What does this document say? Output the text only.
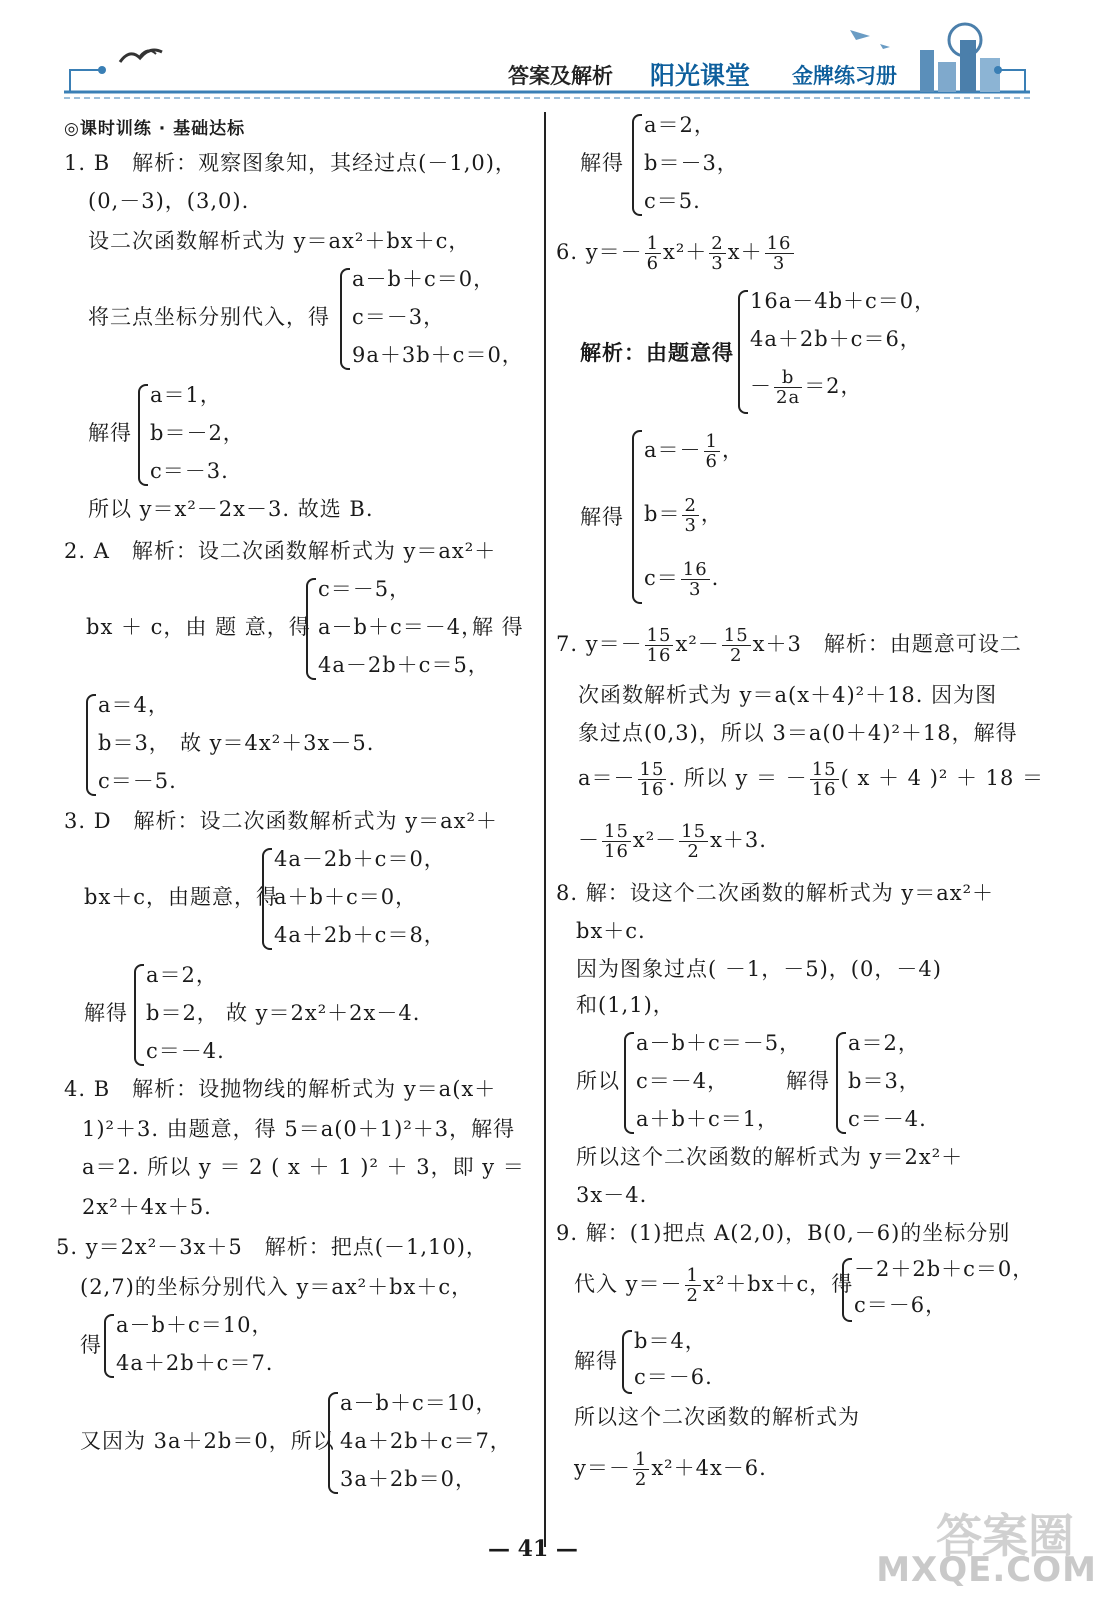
答案及解析 阳光课堂 金牌练习册
◎课时训练 · 基础达标
1. B　解析：观察图象知，其经过点(－1,0)，
(0,－3)，(3,0).
设二次函数解析式为 y＝ax²＋bx＋c，
将三点坐标分别代入，得
a－b＋c＝0，
c＝－3，
9a＋3b＋c＝0，
解得
a＝1，
b＝－2，
c＝－3.
所以 y＝x²－2x－3. 故选 B.
2. A　解析：设二次函数解析式为 y＝ax²＋
bx ＋ c，由 题 意，得
c＝－5，
a－b＋c＝－4，
4a－2b＋c＝5，
解 得
a＝4，
b＝3，
c＝－5.
故 y＝4x²＋3x－5.
3. D　解析：设二次函数解析式为 y＝ax²＋
bx＋c，由题意，得
4a－2b＋c＝0，
a＋b＋c＝0，
4a＋2b＋c＝8，
解得
a＝2，
b＝2，
c＝－4.
故 y＝2x²＋2x－4.
4. B　解析：设抛物线的解析式为 y＝a(x＋
1)²＋3. 由题意，得 5＝a(0＋1)²＋3，解得
a＝2. 所以 y ＝ 2 ( x ＋ 1 )² ＋ 3，即 y ＝
2x²＋4x＋5.
5. y＝2x²－3x＋5　解析：把点(－1,10)，
(2,7)的坐标分别代入 y＝ax²＋bx＋c，
得
a－b＋c＝10，
4a＋2b＋c＝7.
又因为 3a＋2b＝0，所以
a－b＋c＝10，
4a＋2b＋c＝7，
3a＋2b＝0，
解得
a＝2，
b＝－3，
c＝5.
6. $y=- \frac{1}{6} x^2+ \frac{2}{3} x+ \frac{16}{3}$
解析：由题意得
16a－4b＋c＝0，
4a＋2b＋c＝6，
－ $\frac{b}{2a} =2$，
解得
$a=- \frac{1}{6}$ ，
$b= \frac{2}{3}$ ，
$c= \frac{16}{3}$ .
7. $y=- \frac{15}{16} x^2- \frac{15}{2} x+3$　解析：由题意可设二
次函数解析式为 y＝a(x＋4)²＋18. 因为图
象过点(0,3)，所以 3＝a(0＋4)²＋18，解得
$a=- \frac{15}{16}$ . 所以 y ＝ － $\frac{15}{16}$ ( x ＋ 4 )² ＋ 18 ＝
－ $\frac{15}{16} x^2- \frac{15}{2} x+3$.
8. 解：设这个二次函数的解析式为 y＝ax²＋
bx＋c.
因为图象过点( －1，－5)，(0，－4)
和(1,1)，
所以
a－b＋c＝－5，
c＝－4，
a＋b＋c＝1，
解得
a＝2，
b＝3，
c＝－4.
所以这个二次函数的解析式为 y＝2x²＋
3x－4.
9. 解：(1)把点 A(2,0)，B(0,－6)的坐标分别
代入 $y=- \frac{1}{2} x^2+bx+c$，得
－2＋2b＋c＝0，
c＝－6，
解得
b＝4，
c＝－6.
所以这个二次函数的解析式为
$y=- \frac{1}{2} x^2+4x-6$.
— 41 —	答案圈
MXQE.COM
